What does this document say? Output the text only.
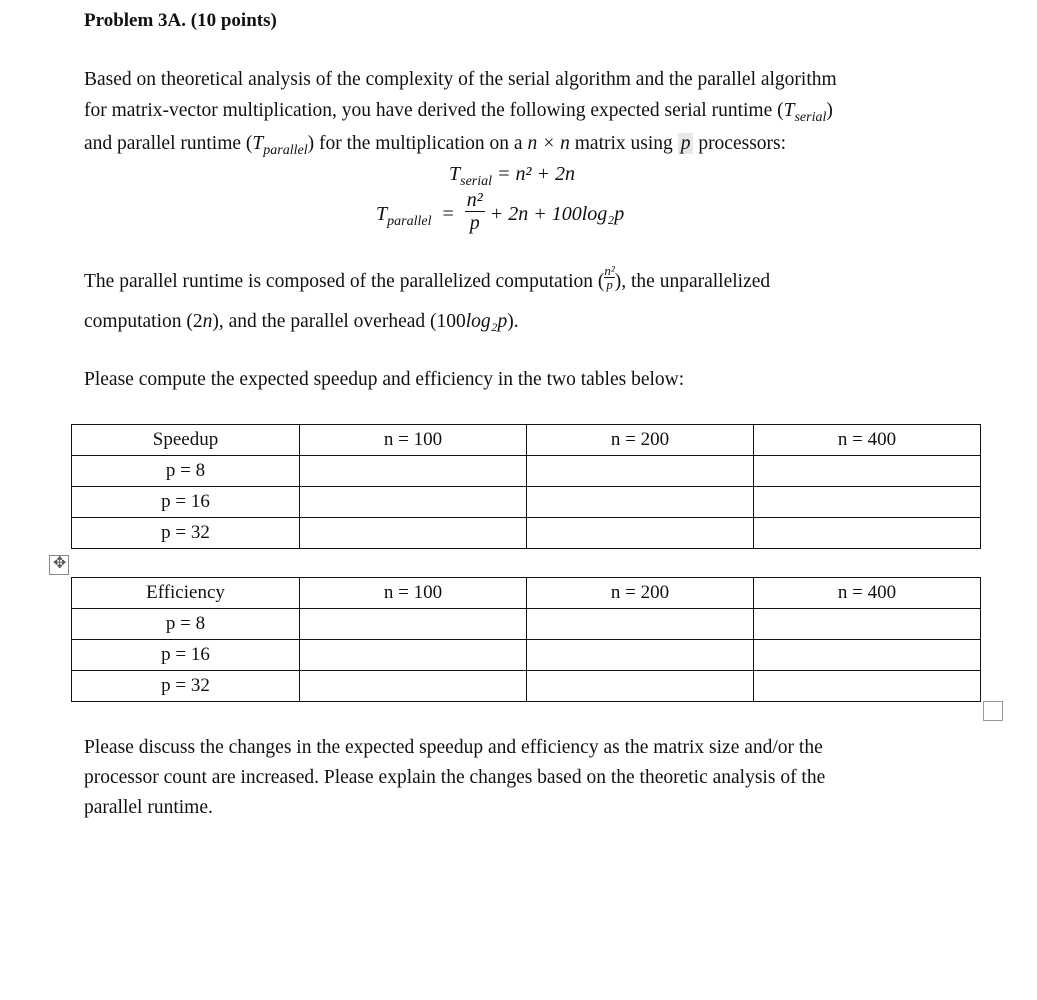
Problem 3A. (10 points)
Based on theoretical analysis of the complexity of the serial algorithm and the parallel algorithm
for matrix-vector multiplication, you have derived the following expected serial runtime $(T_{serial})$
and parallel runtime $(T_{parallel})$ for the multiplication on a n × n matrix using p processors:
$T_{serial} = n^2 + 2n$
$T_{parallel} = \frac{\text{n²}}{p} + 2n + 100\log_2p$
The parallel runtime is composed of the parallelized computation ( $\frac{\text{n²}}{p}$ ), the unparallelized
computation (2n), and the parallel overhead (100log₂p).
Please compute the expected speedup and efficiency in the two tables below:
Speedup	n = 100	n = 200	n = 400
p = 8			
p = 16			
p = 32			
✥
Efficiency	n = 100	n = 200	n = 400
p = 8			
p = 16			
p = 32			
Please discuss the changes in the expected speedup and efficiency as the matrix size and/or the
processor count are increased. Please explain the changes based on the theoretic analysis of the
parallel runtime.
